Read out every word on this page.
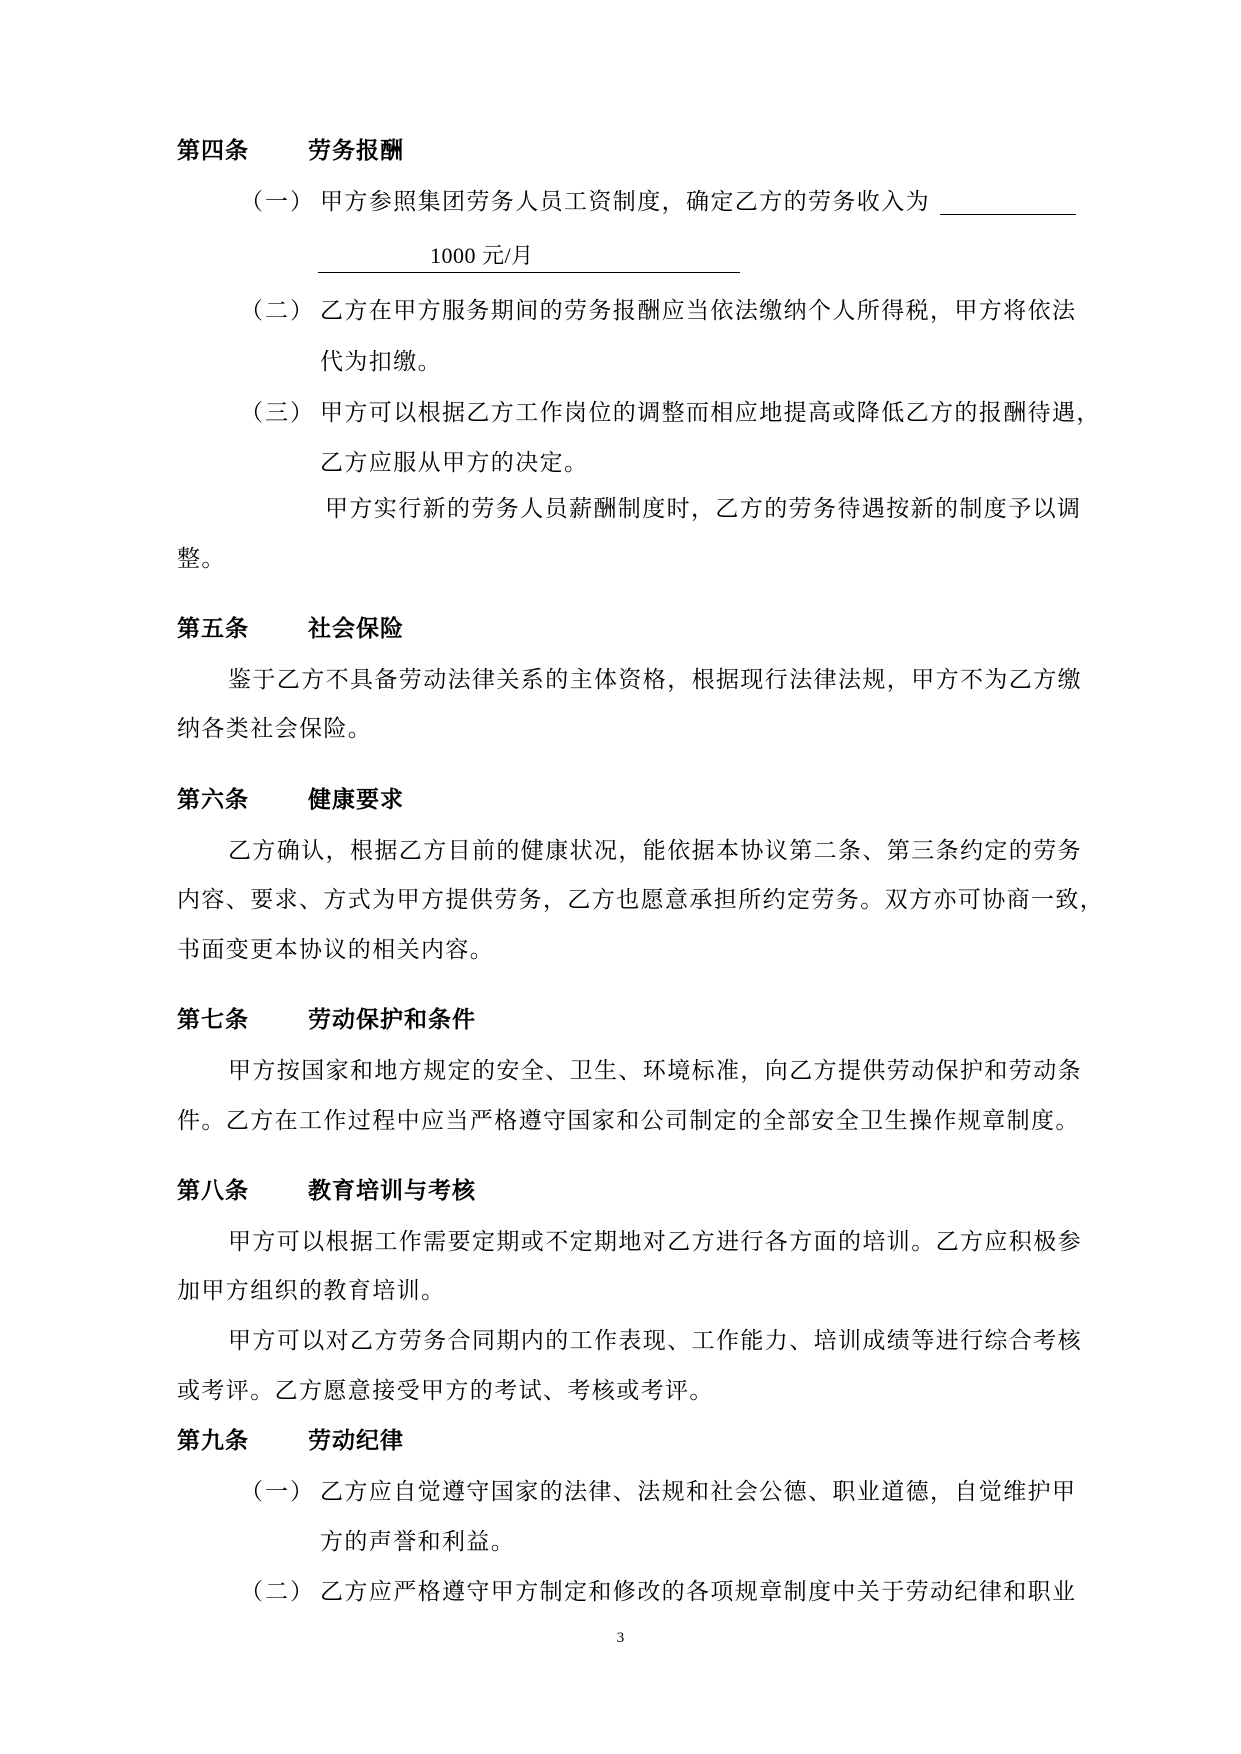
第四条	劳务报酬
（一） 甲方参照集团劳务人员工资制度，确定乙方的劳务收入为
1000 元/月
（二） 乙方在甲方服务期间的劳务报酬应当依法缴纳个人所得税，甲方将依法
代为扣缴。
（三） 甲方可以根据乙方工作岗位的调整而相应地提高或降低乙方的报酬待遇，
乙方应服从甲方的决定。
甲方实行新的劳务人员薪酬制度时，乙方的劳务待遇按新的制度予以调
整。
第五条	社会保险
鉴于乙方不具备劳动法律关系的主体资格，根据现行法律法规，甲方不为乙方缴
纳各类社会保险。
第六条	健康要求
乙方确认，根据乙方目前的健康状况，能依据本协议第二条、第三条约定的劳务
内容、要求、方式为甲方提供劳务，乙方也愿意承担所约定劳务。双方亦可协商一致，
书面变更本协议的相关内容。
第七条	劳动保护和条件
甲方按国家和地方规定的安全、卫生、环境标准，向乙方提供劳动保护和劳动条
件。乙方在工作过程中应当严格遵守国家和公司制定的全部安全卫生操作规章制度。
第八条	教育培训与考核
甲方可以根据工作需要定期或不定期地对乙方进行各方面的培训。乙方应积极参
加甲方组织的教育培训。
甲方可以对乙方劳务合同期内的工作表现、工作能力、培训成绩等进行综合考核
或考评。乙方愿意接受甲方的考试、考核或考评。
第九条	劳动纪律
（一） 乙方应自觉遵守国家的法律、法规和社会公德、职业道德，自觉维护甲
方的声誉和利益。
（二） 乙方应严格遵守甲方制定和修改的各项规章制度中关于劳动纪律和职业
3
